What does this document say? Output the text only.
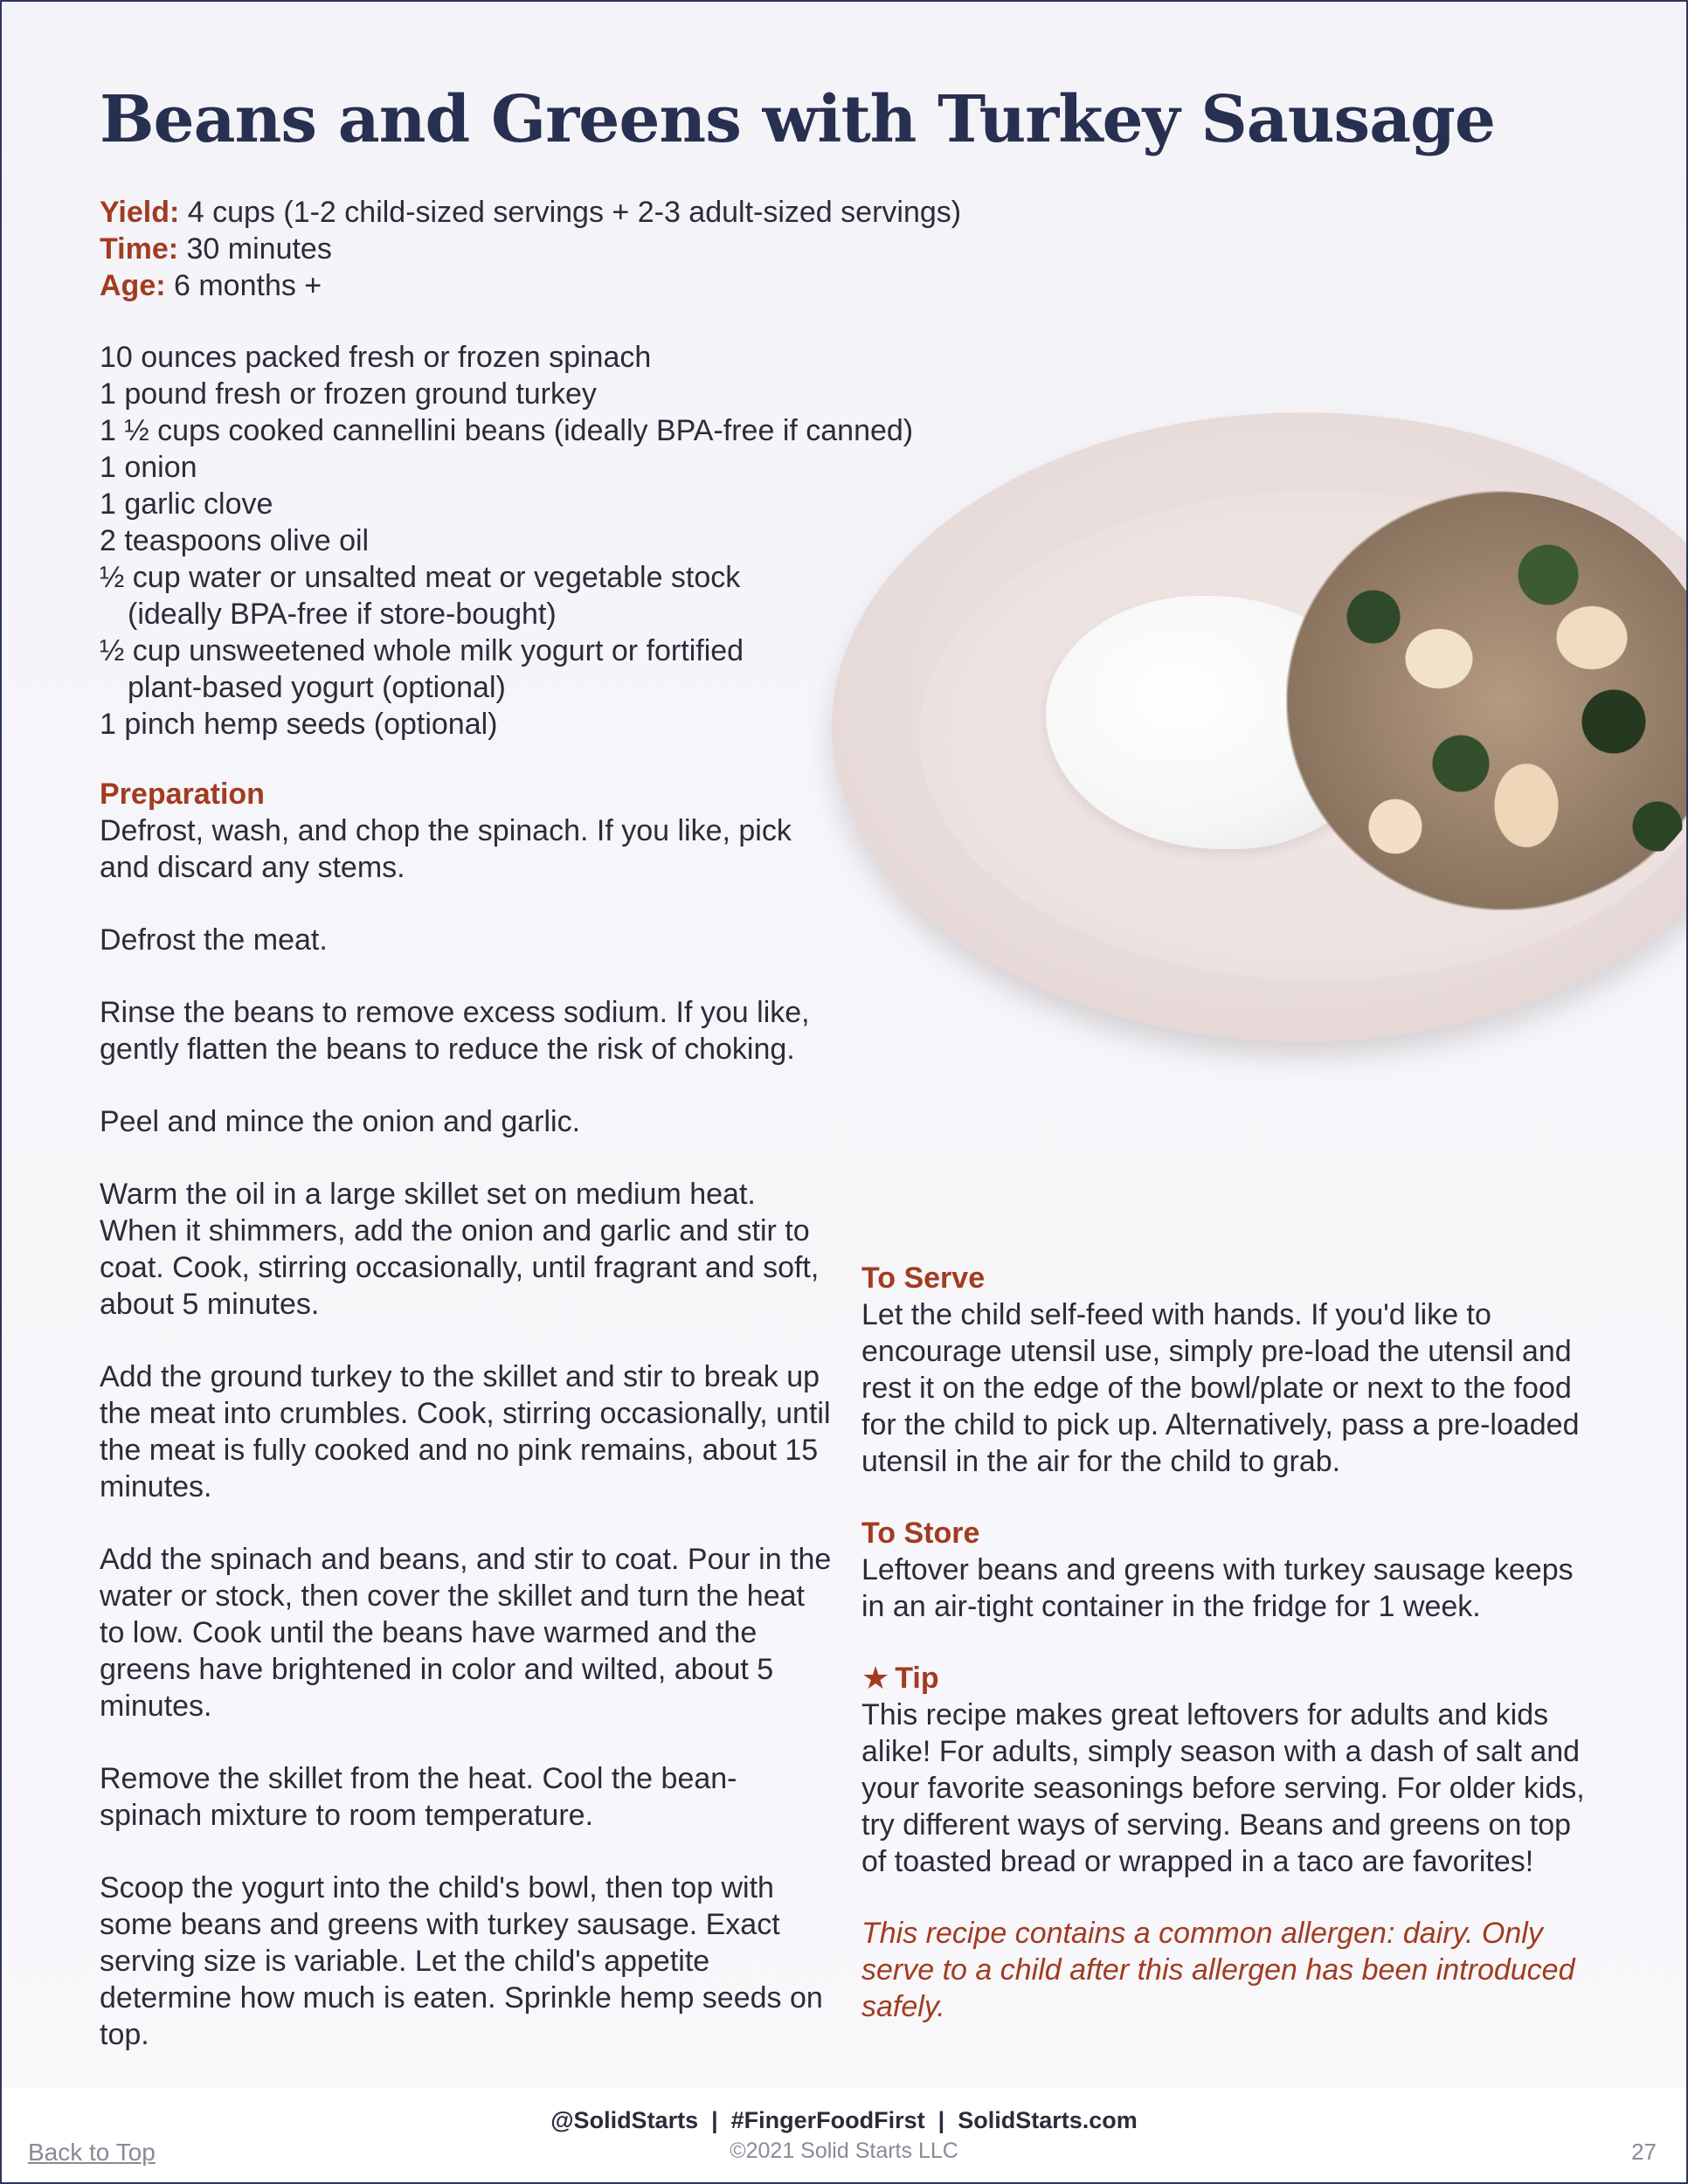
Beans and Greens with Turkey Sausage
Yield: 4 cups (1-2 child-sized servings + 2-3 adult-sized servings)
Time: 30 minutes
Age: 6 months +
10 ounces packed fresh or frozen spinach
1 pound fresh or frozen ground turkey
1 ½ cups cooked cannellini beans (ideally BPA-free if canned)
1 onion
1 garlic clove
2 teaspoons olive oil
½ cup water or unsalted meat or vegetable stock (ideally BPA-free if store-bought)
½ cup unsweetened whole milk yogurt or fortified plant-based yogurt (optional)
1 pinch hemp seeds (optional)
Preparation

Defrost, wash, and chop the spinach. If you like, pick and discard any stems.

Defrost the meat.

Rinse the beans to remove excess sodium. If you like, gently flatten the beans to reduce the risk of choking.

Peel and mince the onion and garlic.

Warm the oil in a large skillet set on medium heat. When it shimmers, add the onion and garlic and stir to coat. Cook, stirring occasionally, until fragrant and soft, about 5 minutes.

Add the ground turkey to the skillet and stir to break up the meat into crumbles. Cook, stirring occasionally, until the meat is fully cooked and no pink remains, about 15 minutes.

Add the spinach and beans, and stir to coat. Pour in the water or stock, then cover the skillet and turn the heat to low. Cook until the beans have warmed and the greens have brightened in color and wilted, about 5 minutes.

Remove the skillet from the heat. Cool the bean-spinach mixture to room temperature.

Scoop the yogurt into the child's bowl, then top with some beans and greens with turkey sausage. Exact serving size is variable. Let the child's appetite determine how much is eaten. Sprinkle hemp seeds on top.

To Serve

Let the child self-feed with hands. If you'd like to encourage utensil use, simply pre-load the utensil and rest it on the edge of the bowl/plate or next to the food for the child to pick up. Alternatively, pass a pre-loaded utensil in the air for the child to grab.

To Store

Leftover beans and greens with turkey sausage keeps in an air-tight container in the fridge for 1 week.

★ Tip

This recipe makes great leftovers for adults and kids alike! For adults, simply season with a dash of salt and your favorite seasonings before serving. For older kids, try different ways of serving. Beans and greens on top of toasted bread or wrapped in a taco are favorites!

This recipe contains a common allergen: dairy. Only serve to a child after this allergen has been introduced safely.

@SolidStarts  |  #FingerFoodFirst  |  SolidStarts.com
©2021 Solid Starts LLC
Back to Top	27
